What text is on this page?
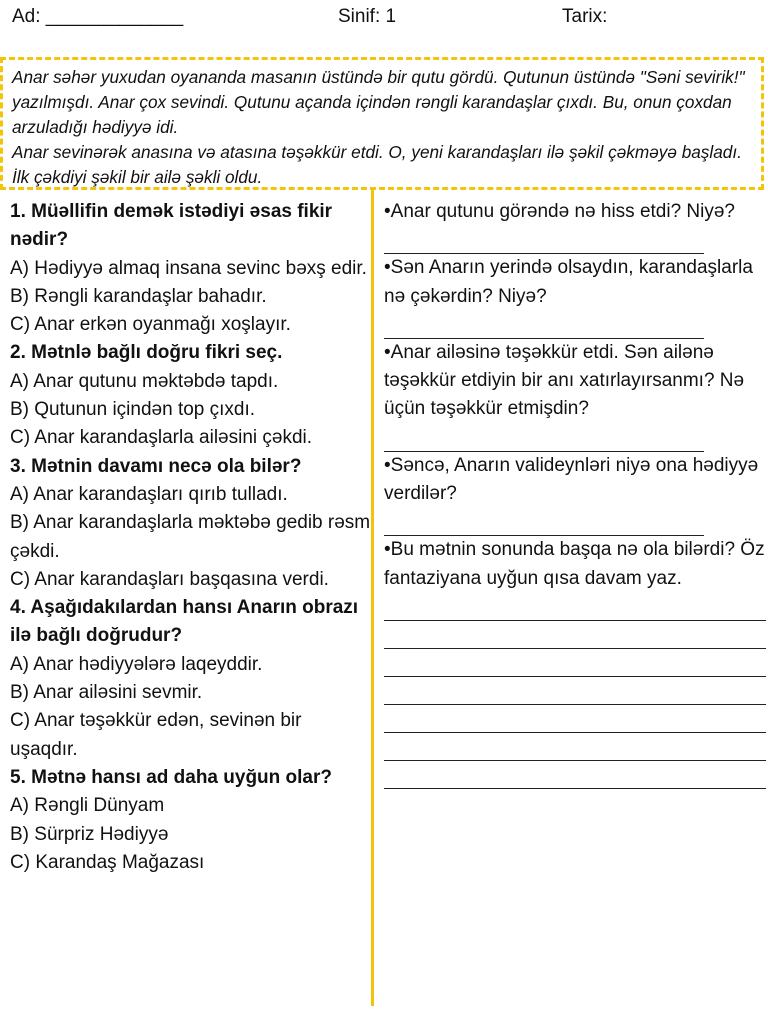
Ad: _____________	Sinif: 1	Tarix:

Anar səhər yuxudan oyananda masanın üstündə bir qutu gördü. Qutunun üstündə "Səni sevirik!" yazılmışdı. Anar çox sevindi. Qutunu açanda içindən rəngli karandaşlar çıxdı. Bu, onun çoxdan arzuladığı hədiyyə idi.

Anar sevinərək anasına və atasına təşəkkür etdi. O, yeni karandaşları ilə şəkil çəkməyə başladı. İlk çəkdiyi şəkil bir ailə şəkli oldu.

1. Müəllifin demək istədiyi əsas fikir nədir?
A) Hədiyyə almaq insana sevinc bəxş edir.
B) Rəngli karandaşlar bahadır.
C) Anar erkən oyanmağı xoşlayır.
2. Mətnlə bağlı doğru fikri seç.
A) Anar qutunu məktəbdə tapdı.
B) Qutunun içindən top çıxdı.
C) Anar karandaşlarla ailəsini çəkdi.
3. Mətnin davamı necə ola bilər?
A) Anar karandaşları qırıb tulladı.
B) Anar karandaşlarla məktəbə gedib rəsm çəkdi.
C) Anar karandaşları başqasına verdi.
4. Aşağıdakılardan hansı Anarın obrazı ilə bağlı doğrudur?
A) Anar hədiyyələrə laqeyddir.
B) Anar ailəsini sevmir.
C) Anar təşəkkür edən, sevinən bir uşaqdır.
5. Mətnə hansı ad daha uyğun olar?
A) Rəngli Dünyam
B) Sürpriz Hədiyyə
C) Karandaş Mağazası
•Anar qutunu görəndə nə hiss etdi? Niyə?
•Sən Anarın yerində olsaydın, karandaşlarla nə çəkərdin? Niyə?
•Anar ailəsinə təşəkkür etdi. Sən ailənə təşəkkür etdiyin bir anı xatırlayırsanmı? Nə üçün təşəkkür etmişdin?
•Səncə, Anarın valideynləri niyə ona hədiyyə verdilər?
•Bu mətnin sonunda başqa nə ola bilərdi? Öz fantaziyana uyğun qısa davam yaz.
